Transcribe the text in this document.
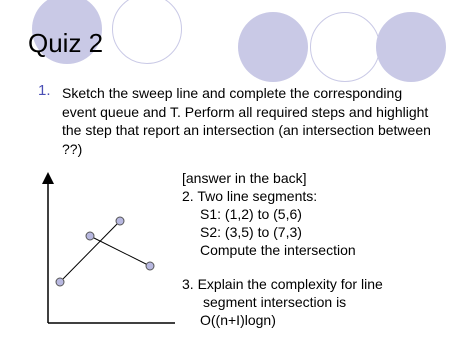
Quiz 2
1. Sketch the sweep line and complete the corresponding event queue and T. Perform all required steps and highlight the step that report an intersection (an intersection between ??)
[answer in the back]
2. Two line segments:
S1: (1,2) to (5,6)
S2: (3,5) to (7,3)
Compute the intersection
3. Explain the complexity for line
segment intersection is
O((n+I)logn)
